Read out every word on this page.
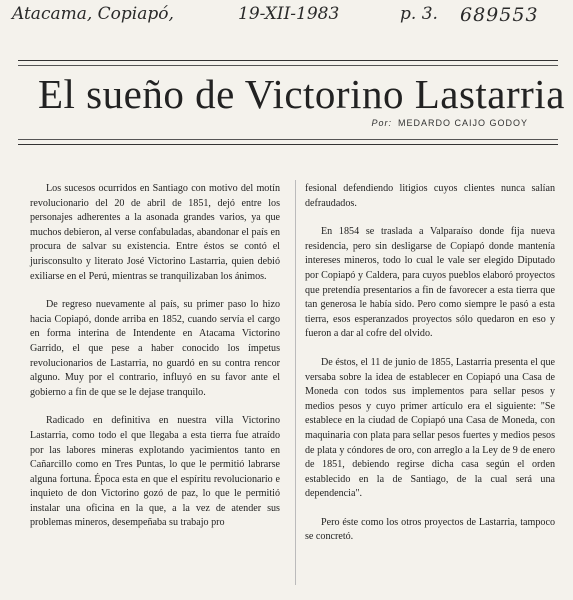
Atacama, Copiapó,	19-XII-1983	p. 3. 689553
El sueño de Victorino Lastarria
Por: MEDARDO CAIJO GODOY

Los sucesos ocurridos en Santiago con motivo del motín revolucionario del 20 de abril de 1851, dejó entre los personajes adherentes a la asonada grandes varios, ya que muchos debieron, al verse confabuladas, abandonar el país en procura de salvar su existencia. Entre éstos se contó el jurisconsulto y literato José Victorino Lastarria, quien debió exiliarse en el Perú, mientras se tranquilizaban los ánimos.

De regreso nuevamente al país, su primer paso lo hizo hacia Copiapó, donde arriba en 1852, cuando servía el cargo en forma interina de Intendente en Atacama Victorino Garrido, el que pese a haber conocido los ímpetus revolucionarios de Lastarria, no guardó en su contra rencor alguno. Muy por el contrario, influyó en su favor ante el gobierno a fin de que se le dejase tranquilo.

Radicado en definitiva en nuestra villa Victorino Lastarria, como todo el que llegaba a esta tierra fue atraído por las labores mineras explotando yacimientos tanto en Cañarcillo como en Tres Puntas, lo que le permitió labrarse alguna fortuna. Época esta en que el espíritu revolucionario e inquieto de don Victorino gozó de paz, lo que le permitió instalar una oficina en la que, a la vez de atender sus problemas mineros, desempeñaba su trabajo pro

fesional defendiendo litigios cuyos clientes nunca salían defraudados.

En 1854 se traslada a Valparaíso donde fija nueva residencia, pero sin desligarse de Copiapó donde mantenía intereses mineros, todo lo cual le vale ser elegido Diputado por Copiapó y Caldera, para cuyos pueblos elaboró proyectos que pretendía presentarios a fin de favorecer a esta tierra que tan generosa le había sido. Pero como siempre le pasó a esta tierra, esos esperanzados proyectos sólo quedaron en eso y fueron a dar al cofre del olvido.

De éstos, el 11 de junio de 1855, Lastarria presenta el que versaba sobre la idea de establecer en Copiapó una Casa de Moneda con todos sus implementos para sellar pesos y medios pesos y cuyo primer artículo era el siguiente: "Se establece en la ciudad de Copiapó una Casa de Moneda, con maquinaria con plata para sellar pesos fuertes y medios pesos de plata y cóndores de oro, con arreglo a la Ley de 9 de enero de 1851, debiendo regirse dicha casa según el orden establecido en la de Santiago, de la cual será una dependencia".

Pero éste como los otros proyectos de Lastarria, tampoco se concretó.
